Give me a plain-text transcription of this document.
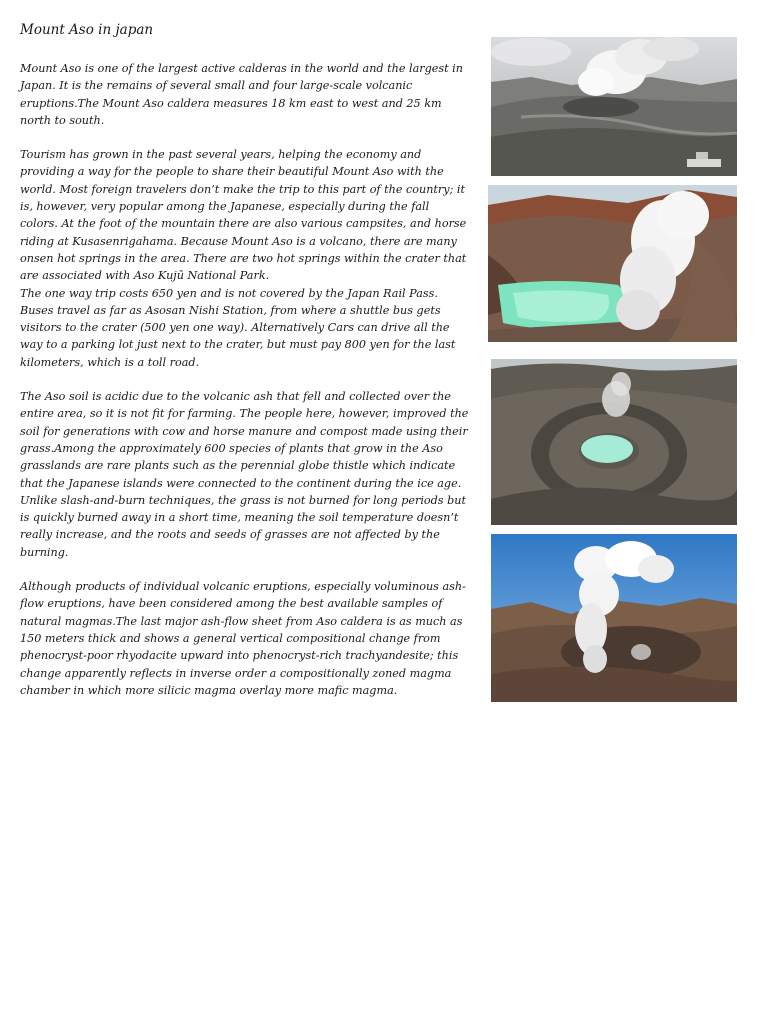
Mount Aso in japan

Mount Aso is one of the largest active calderas in the world and the largest in Japan. It is the remains of several small and four large-scale volcanic eruptions.The Mount Aso caldera measures 18 km east to west and 25 km north to south.

Tourism has grown in the past several years, helping the economy and providing a way for the people to share their beautiful Mount Aso with the world. Most foreign travelers don’t make the trip to this part of the country; it is, however, very popular among the Japanese, especially during the fall colors. At the foot of the mountain there are also various campsites, and horse riding at Kusasenrigahama. Because Mount Aso is a volcano, there are many onsen hot springs in the area. There are two hot springs within the crater that are associated with Aso Kujū National Park.
The one way trip costs 650 yen and is not covered by the Japan Rail Pass. Buses travel as far as Asosan Nishi Station, from where a shuttle bus gets visitors to the crater (500 yen one way). Alternatively Cars can drive all the way to a parking lot just next to the crater, but must pay 800 yen for the last kilometers, which is a toll road.

The Aso soil is acidic due to the volcanic ash that fell and collected over the entire area, so it is not fit for farming. The people here, however, improved the soil for generations with cow and horse manure and compost made using their grass.Among the approximately 600 species of plants that grow in the Aso grasslands are rare plants such as the perennial globe thistle which indicate that the Japanese islands were connected to the continent during the ice age. Unlike slash-and-burn techniques, the grass is not burned for long periods but is quickly burned away in a short time, meaning the soil temperature doesn’t really increase, and the roots and seeds of grasses are not affected by the burning.

Although products of individual volcanic eruptions, especially voluminous ash-flow eruptions, have been considered among the best available samples of natural magmas.The last major ash-flow sheet from Aso caldera is as much as 150 meters thick and shows a general vertical compositional change from phenocryst-poor rhyodacite upward into phenocryst-rich trachyandesite; this change apparently reflects in inverse order a compositionally zoned magma chamber in which more silicic magma overlay more mafic magma.
